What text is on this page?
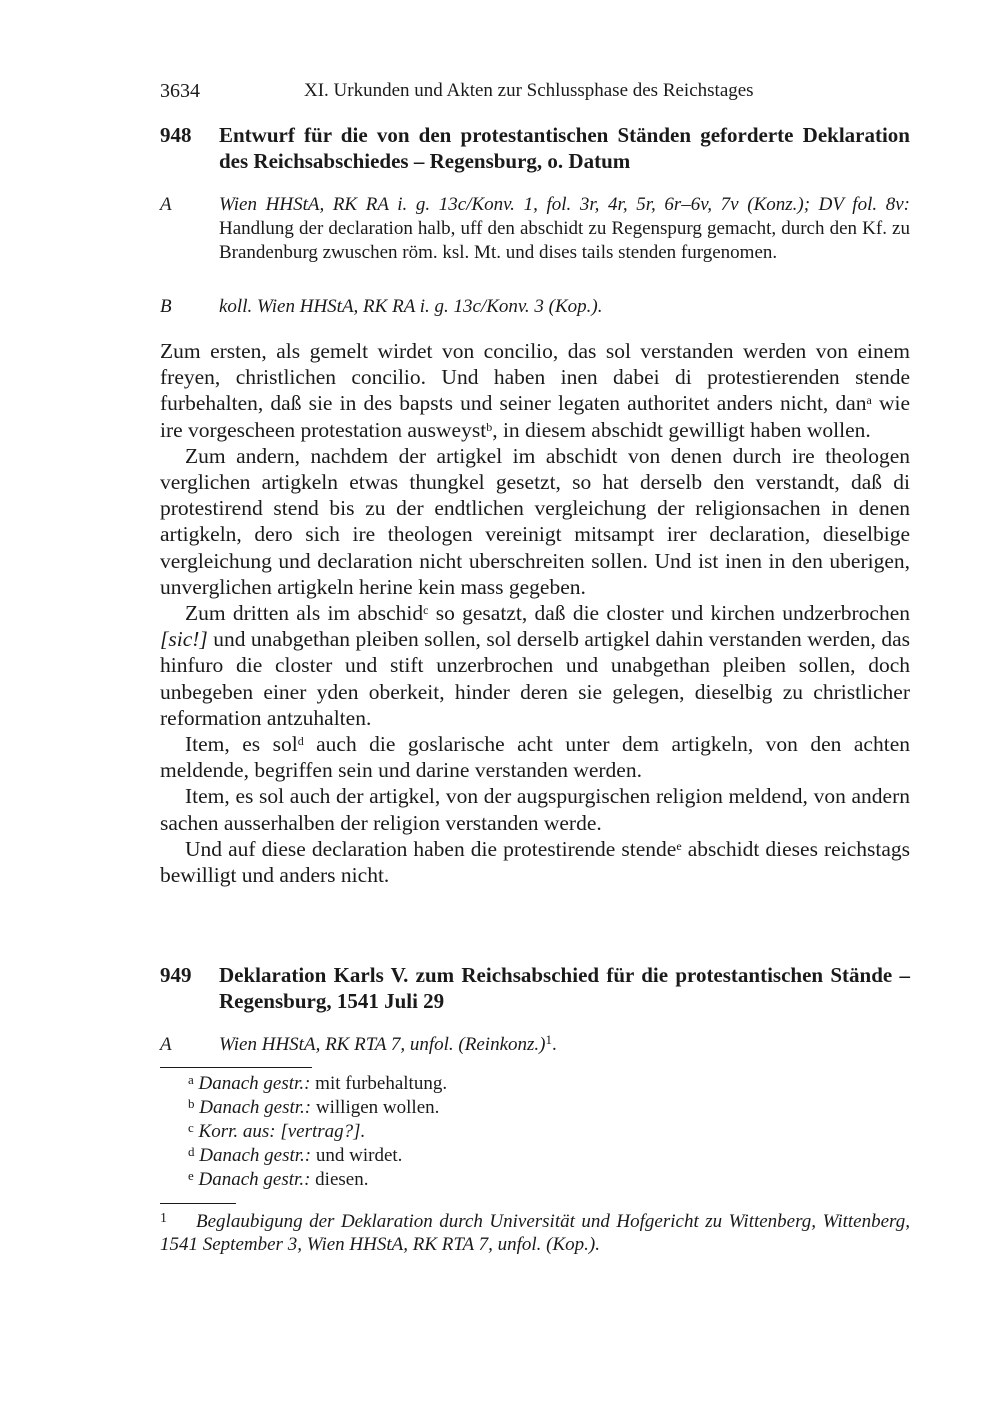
3634	XI. Urkunden und Akten zur Schlussphase des Reichstages
948 Entwurf für die von den protestantischen Ständen geforderte Deklaration des Reichsabschiedes – Regensburg, o. Datum
A Wien HHStA, RK RA i. g. 13c/Konv. 1, fol. 3r, 4r, 5r, 6r–6v, 7v (Konz.); DV fol. 8v: Handlung der declaration halb, uff den abschidt zu Regenspurg gemacht, durch den Kf. zu Brandenburg zwuschen röm. ksl. Mt. und dises tails stenden furgenomen.
B koll. Wien HHStA, RK RA i. g. 13c/Konv. 3 (Kop.).

Zum ersten, als gemelt wirdet von concilio, das sol verstanden werden von einem freyen, christlichen concilio. Und haben inen dabei di protestierenden stende furbehalten, daß sie in des bapsts und seiner legaten authoritet anders nicht, dan$^a$ wie ire vorgescheen protestation ausweyst$^b$, in diesem abschidt gewilligt haben wollen.

Zum andern, nachdem der artigkel im abschidt von denen durch ire theologen verglichen artigkeln etwas thungkel gesetzt, so hat derselb den verstandt, daß di protestirend stend bis zu der endtlichen vergleichung der religionsachen in denen artigkeln, dero sich ire theologen vereinigt mitsampt irer declaration, dieselbige vergleichung und declaration nicht uberschreiten sollen. Und ist inen in den uberigen, unverglichen artigkeln herine kein mass gegeben.

Zum dritten als im abschid$^c$ so gesatzt, daß die closter und kirchen undzerbrochen [sic!] und unabgethan pleiben sollen, sol derselb artigkel dahin verstanden werden, das hinfuro die closter und stift unzerbrochen und unabgethan pleiben sollen, doch unbegeben einer yden oberkeit, hinder deren sie gelegen, dieselbig zu christlicher reformation antzuhalten.

Item, es sol$^d$ auch die goslarische acht unter dem artigkeln, von den achten meldende, begriffen sein und darine verstanden werden.

Item, es sol auch der artigkel, von der augspurgischen religion meldend, von andern sachen ausserhalben der religion verstanden werde.

Und auf diese declaration haben die protestirende stende$^e$ abschidt dieses reichstags bewilligt und anders nicht.

949 Deklaration Karls V. zum Reichsabschied für die protestantischen Stände – Regensburg, 1541 Juli 29
A Wien HHStA, RK RTA 7, unfol. (Reinkonz.)$^1$.
$^a$ Danach gestr.: mit furbehaltung.
$^b$ Danach gestr.: willigen wollen.
$^c$ Korr. aus: [vertrag?].
$^d$ Danach gestr.: und wirdet.
$^e$ Danach gestr.: diesen.
1 Beglaubigung der Deklaration durch Universität und Hofgericht zu Wittenberg, Wittenberg, 1541 September 3, Wien HHStA, RK RTA 7, unfol. (Kop.).
